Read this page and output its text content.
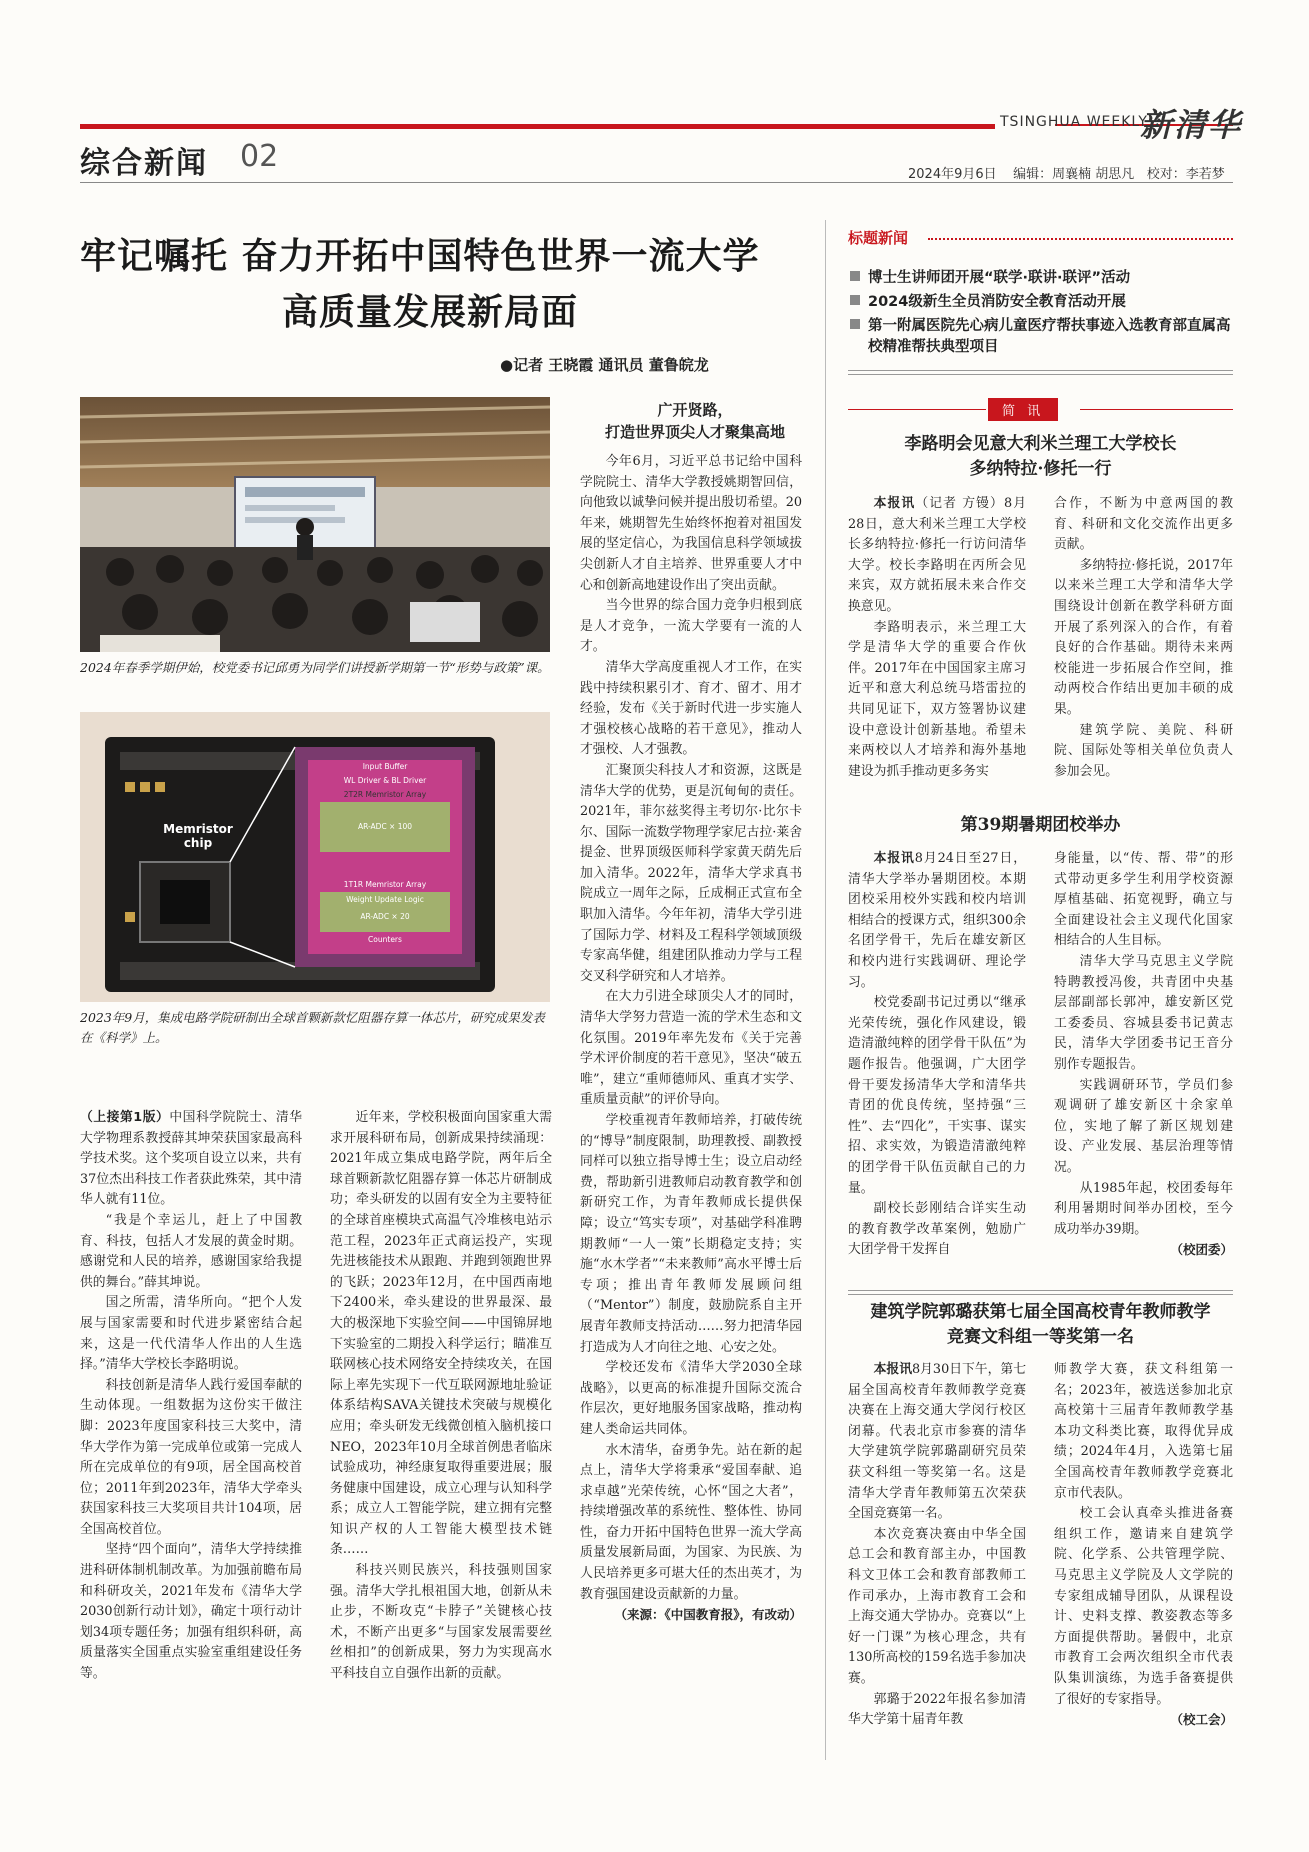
TSINGHUA WEEKLY
新清华
综合新闻 02
2024年9月6日 编辑：周襄楠 胡思凡 校对：李若梦
牢记嘱托 奋力开拓中国特色世界一流大学
高质量发展新局面
●记者 王晓霞 通讯员 董鲁皖龙
2024年春季学期伊始，校党委书记邱勇为同学们讲授新学期第一节“形势与政策”课。
Memristor chip
Input Buffer
WL Driver & BL Driver
2T2R Memristor Array
AR-ADC × 100
1T1R Memristor Array
Weight Update Logic
AR-ADC × 20
Counters
2023年9月，集成电路学院研制出全球首颗新款忆阻器存算一体芯片，研究成果发表在《科学》上。
广开贤路，
打造世界顶尖人才聚集高地

今年6月，习近平总书记给中国科学院院士、清华大学教授姚期智回信，向他致以诚挚问候并提出殷切希望。20年来，姚期智先生始终怀抱着对祖国发展的坚定信心，为我国信息科学领域拔尖创新人才自主培养、世界重要人才中心和创新高地建设作出了突出贡献。

当今世界的综合国力竞争归根到底是人才竞争，一流大学要有一流的人才。

清华大学高度重视人才工作，在实践中持续积累引才、育才、留才、用才经验，发布《关于新时代进一步实施人才强校核心战略的若干意见》，推动人才强校、人才强教。

汇聚顶尖科技人才和资源，这既是清华大学的优势，更是沉甸甸的责任。2021年，菲尔兹奖得主考切尔·比尔卡尔、国际一流数学物理学家尼古拉·莱舍提金、世界顶级医师科学家黄天荫先后加入清华。2022年，清华大学求真书院成立一周年之际，丘成桐正式宣布全职加入清华。今年年初，清华大学引进了国际力学、材料及工程科学领域顶级专家高华健，组建团队推动力学与工程交叉科学研究和人才培养。

在大力引进全球顶尖人才的同时，清华大学努力营造一流的学术生态和文化氛围。2019年率先发布《关于完善学术评价制度的若干意见》，坚决“破五唯”，建立“重师德师风、重真才实学、重质量贡献”的评价导向。

学校重视青年教师培养，打破传统的“博导”制度限制，助理教授、副教授同样可以独立指导博士生；设立启动经费，帮助新引进教师启动教育教学和创新研究工作，为青年教师成长提供保障；设立“笃实专项”，对基础学科准聘期教师“一人一策”长期稳定支持；实施“水木学者”“未来教师”高水平博士后专项；推出青年教师发展顾问组（“Mentor”）制度，鼓励院系自主开展青年教师支持活动……努力把清华园打造成为人才向往之地、心安之处。

学校还发布《清华大学2030全球战略》，以更高的标准提升国际交流合作层次，更好地服务国家战略，推动构建人类命运共同体。

水木清华，奋勇争先。站在新的起点上，清华大学将秉承“爱国奉献、追求卓越”光荣传统，心怀“国之大者”，持续增强改革的系统性、整体性、协同性，奋力开拓中国特色世界一流大学高质量发展新局面，为国家、为民族、为人民培养更多可堪大任的杰出英才，为教育强国建设贡献新的力量。

（来源：《中国教育报》，有改动）

（上接第1版）中国科学院院士、清华大学物理系教授薛其坤荣获国家最高科学技术奖。这个奖项自设立以来，共有37位杰出科技工作者获此殊荣，其中清华人就有11位。

“我是个幸运儿，赶上了中国教育、科技，包括人才发展的黄金时期。感谢党和人民的培养，感谢国家给我提供的舞台。”薛其坤说。

国之所需，清华所向。“把个人发展与国家需要和时代进步紧密结合起来，这是一代代清华人作出的人生选择。”清华大学校长李路明说。

科技创新是清华人践行爱国奉献的生动体现。一组数据为这份实干做注脚：2023年度国家科技三大奖中，清华大学作为第一完成单位或第一完成人所在完成单位的有9项，居全国高校首位；2011年到2023年，清华大学牵头获国家科技三大奖项目共计104项，居全国高校首位。

坚持“四个面向”，清华大学持续推进科研体制机制改革。为加强前瞻布局和科研攻关，2021年发布《清华大学2030创新行动计划》，确定十项行动计划34项专题任务；加强有组织科研，高质量落实全国重点实验室重组建设任务等。

近年来，学校积极面向国家重大需求开展科研布局，创新成果持续涌现：2021年成立集成电路学院，两年后全球首颗新款忆阻器存算一体芯片研制成功；牵头研发的以固有安全为主要特征的全球首座模块式高温气冷堆核电站示范工程，2023年正式商运投产，实现先进核能技术从跟跑、并跑到领跑世界的飞跃；2023年12月，在中国西南地下2400米，牵头建设的世界最深、最大的极深地下实验空间——中国锦屏地下实验室的二期投入科学运行；瞄准互联网核心技术网络安全持续攻关，在国际上率先实现下一代互联网源地址验证体系结构SAVA关键技术突破与规模化应用；牵头研发无线微创植入脑机接口NEO，2023年10月全球首例患者临床试验成功，神经康复取得重要进展；服务健康中国建设，成立心理与认知科学系；成立人工智能学院，建立拥有完整知识产权的人工智能大模型技术链条……

科技兴则民族兴，科技强则国家强。清华大学扎根祖国大地，创新从未止步，不断攻克“卡脖子”关键核心技术，不断产出更多“与国家发展需要丝丝相扣”的创新成果，努力为实现高水平科技自立自强作出新的贡献。

标题新闻
博士生讲师团开展“联学·联讲·联评”活动
2024级新生全员消防安全教育活动开展
第一附属医院先心病儿童医疗帮扶事迹入选教育部直属高校精准帮扶典型项目
简 讯
李路明会见意大利米兰理工大学校长
多纳特拉·修托一行

本报讯（记者 方镘）8月28日，意大利米兰理工大学校长多纳特拉·修托一行访问清华大学。校长李路明在丙所会见来宾，双方就拓展未来合作交换意见。

李路明表示，米兰理工大学是清华大学的重要合作伙伴。2017年在中国国家主席习近平和意大利总统马塔雷拉的共同见证下，双方签署协议建设中意设计创新基地。希望未来两校以人才培养和海外基地建设为抓手推动更多务实

合作，不断为中意两国的教育、科研和文化交流作出更多贡献。

多纳特拉·修托说，2017年以来米兰理工大学和清华大学围绕设计创新在教学科研方面开展了系列深入的合作，有着良好的合作基础。期待未来两校能进一步拓展合作空间，推动两校合作结出更加丰硕的成果。

建筑学院、美院、科研院、国际处等相关单位负责人参加会见。

第39期暑期团校举办

本报讯8月24日至27日，清华大学举办暑期团校。本期团校采用校外实践和校内培训相结合的授课方式，组织300余名团学骨干，先后在雄安新区和校内进行实践调研、理论学习。

校党委副书记过勇以“继承光荣传统，强化作风建设，锻造清澈纯粹的团学骨干队伍”为题作报告。他强调，广大团学骨干要发扬清华大学和清华共青团的优良传统，坚持强“三性”、去“四化”，干实事、谋实招、求实效，为锻造清澈纯粹的团学骨干队伍贡献自己的力量。

副校长彭刚结合详实生动的教育教学改革案例，勉励广大团学骨干发挥自

身能量，以“传、帮、带”的形式带动更多学生利用学校资源厚植基础、拓宽视野，确立与全面建设社会主义现代化国家相结合的人生目标。

清华大学马克思主义学院特聘教授冯俊，共青团中央基层部副部长郭冲，雄安新区党工委委员、容城县委书记黄志民，清华大学团委书记王音分别作专题报告。

实践调研环节，学员们参观调研了雄安新区十余家单位，实地了解了新区规划建设、产业发展、基层治理等情况。

从1985年起，校团委每年利用暑期时间举办团校，至今成功举办39期。

（校团委）
建筑学院郭璐获第七届全国高校青年教师教学
竞赛文科组一等奖第一名

本报讯8月30日下午，第七届全国高校青年教师教学竞赛决赛在上海交通大学闵行校区闭幕。代表北京市参赛的清华大学建筑学院郭璐副研究员荣获文科组一等奖第一名。这是清华大学青年教师第五次荣获全国竞赛第一名。

本次竞赛决赛由中华全国总工会和教育部主办，中国教科文卫体工会和教育部教师工作司承办，上海市教育工会和上海交通大学协办。竞赛以“上好一门课”为核心理念，共有130所高校的159名选手参加决赛。

郭璐于2022年报名参加清华大学第十届青年教

师教学大赛，获文科组第一名；2023年，被选送参加北京高校第十三届青年教师教学基本功文科类比赛，取得优异成绩；2024年4月，入选第七届全国高校青年教师教学竞赛北京市代表队。

校工会认真牵头推进备赛组织工作，邀请来自建筑学院、化学系、公共管理学院、马克思主义学院及人文学院的专家组成辅导团队，从课程设计、史料支撑、教姿教态等多方面提供帮助。暑假中，北京市教育工会两次组织全市代表队集训演练，为选手备赛提供了很好的专家指导。

（校工会）
